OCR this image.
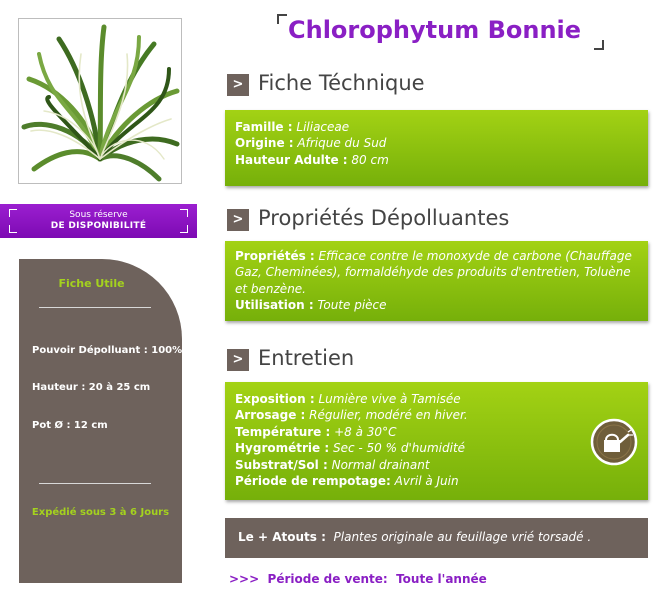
Sous réserve
DE DISPONIBILITÉ
Fiche Utile
Pouvoir Dépolluant : 100%
Hauteur : 20 à 25 cm
Pot Ø : 12 cm
Expédié sous 3 à 6 Jours
Chlorophytum Bonnie
> Fiche Téchnique
Famille : Liliaceae
Origine : Afrique du Sud
Hauteur Adulte : 80 cm
> Propriétés Dépolluantes
Propriétés : Efficace contre le monoxyde de carbone (Chauffage Gaz, Cheminées), formaldéhyde des produits d'entretien, Toluène et benzène.
Utilisation : Toute pièce
> Entretien
Exposition : Lumière vive à Tamisée
Arrosage : Régulier, modéré en hiver.
Température : +8 à 30°C
Hygrométrie : Sec - 50 % d'humidité
Substrat/Sol : Normal drainant
Période de rempotage: Avril à Juin
Le + Atouts : Plantes originale au feuillage vrié torsadé .
>>> Période de vente: Toute l'année
